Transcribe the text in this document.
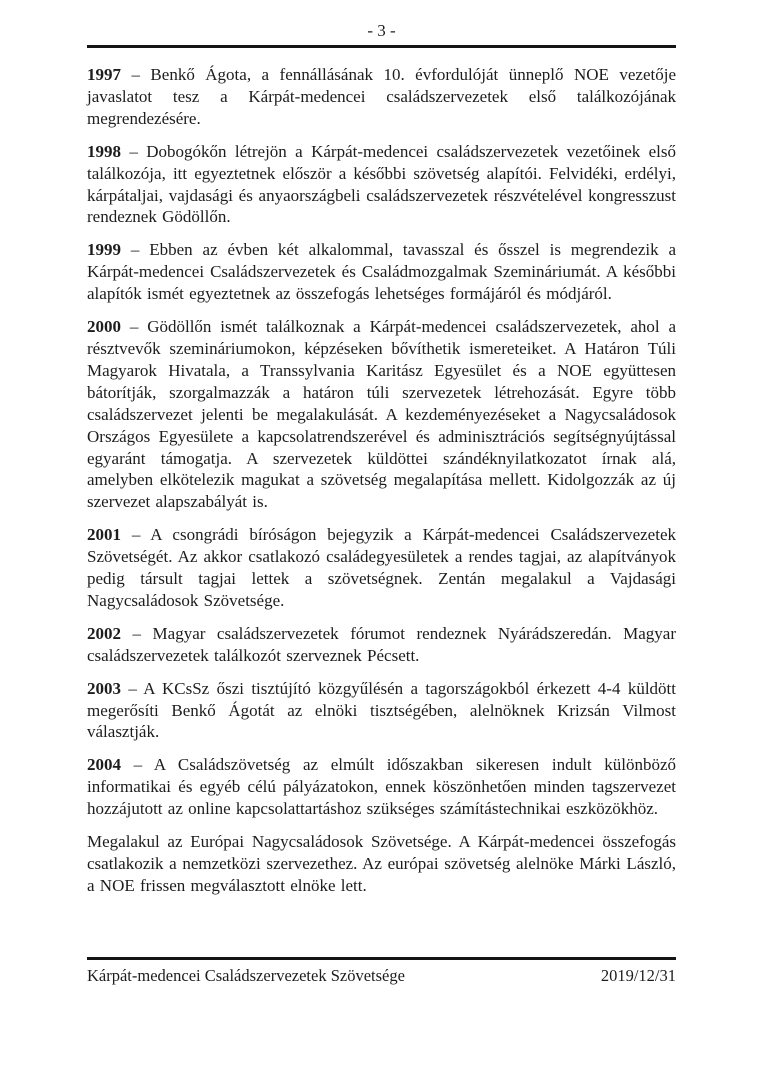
- 3 -

1997 – Benkő Ágota, a fennállásának 10. évfordulóját ünneplő NOE vezetője javaslatot tesz a Kárpát-medencei családszervezetek első találkozójának megrendezésére.

1998 – Dobogókőn létrejön a Kárpát-medencei családszervezetek vezetőinek első találkozója, itt egyeztetnek először a későbbi szövetség alapítói. Felvidéki, erdélyi, kárpátaljai, vajdasági és anyaországbeli családszervezetek részvételével kongresszust rendeznek Gödöllőn.

1999 – Ebben az évben két alkalommal, tavasszal és ősszel is megrendezik a Kárpát-medencei Családszervezetek és Családmozgalmak Szemináriumát. A későbbi alapítók ismét egyeztetnek az összefogás lehetséges formájáról és módjáról.

2000 – Gödöllőn ismét találkoznak a Kárpát-medencei családszervezetek, ahol a résztvevők szemináriumokon, képzéseken bővíthetik ismereteiket. A Határon Túli Magyarok Hivatala, a Transsylvania Karitász Egyesület és a NOE együttesen bátorítják, szorgalmazzák a határon túli szervezetek létrehozását. Egyre több családszervezet jelenti be megalakulását. A kezdeményezéseket a Nagycsaládosok Országos Egyesülete a kapcsolatrendszerével és adminisztrációs segítségnyújtással egyaránt támogatja. A szervezetek küldöttei szándéknyilatkozatot írnak alá, amelyben elkötelezik magukat a szövetség megalapítása mellett. Kidolgozzák az új szervezet alapszabályát is.

2001 – A csongrádi bíróságon bejegyzik a Kárpát-medencei Családszervezetek Szövetségét. Az akkor csatlakozó családegyesületek a rendes tagjai, az alapítványok pedig társult tagjai lettek a szövetségnek. Zentán megalakul a Vajdasági Nagycsaládosok Szövetsége.

2002 – Magyar családszervezetek fórumot rendeznek Nyárádszeredán. Magyar családszervezetek találkozót szerveznek Pécsett.

2003 – A KCsSz őszi tisztújító közgyűlésén a tagországokból érkezett 4-4 küldött megerősíti Benkő Ágotát az elnöki tisztségében, alelnöknek Krizsán Vilmost választják.

2004 – A Családszövetség az elmúlt időszakban sikeresen indult különböző informatikai és egyéb célú pályázatokon, ennek köszönhetően minden tagszervezet hozzájutott az online kapcsolattartáshoz szükséges számítástechnikai eszközökhöz.

Megalakul az Európai Nagycsaládosok Szövetsége. A Kárpát-medencei összefogás csatlakozik a nemzetközi szervezethez. Az európai szövetség alelnöke Márki László, a NOE frissen megválasztott elnöke lett.

Kárpát-medencei Családszervezetek Szövetsége	2019/12/31
